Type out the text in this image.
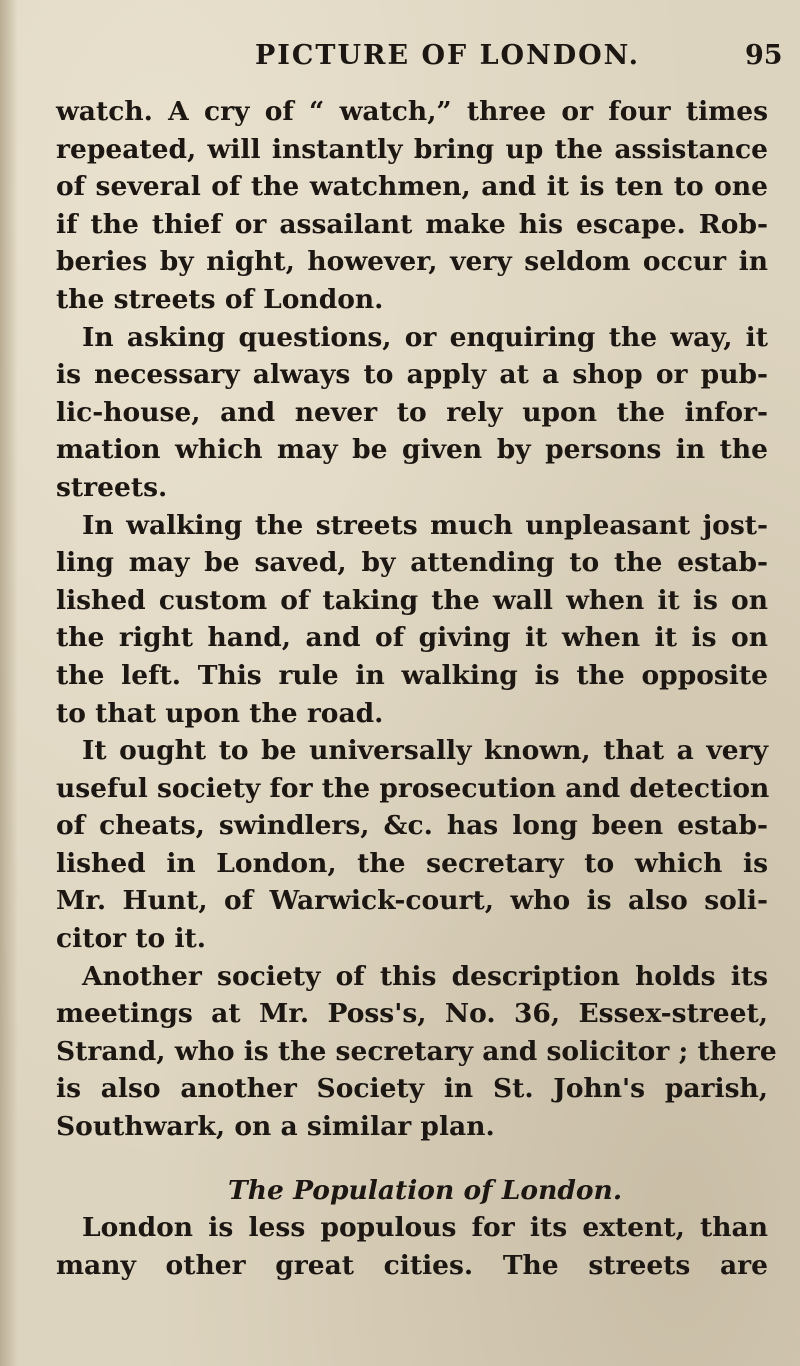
PICTURE OF LONDON.	95
watch. A cry of “ watch,” three or four times
repeated, will instantly bring up the assistance
of several of the watchmen, and it is ten to one
if the thief or assailant make his escape. Rob-
beries by night, however, very seldom occur in
the streets of London.
In asking questions, or enquiring the way, it
is necessary always to apply at a shop or pub-
lic-house, and never to rely upon the infor-
mation which may be given by persons in the
streets.
In walking the streets much unpleasant jost-
ling may be saved, by attending to the estab-
lished custom of taking the wall when it is on
the right hand, and of giving it when it is on
the left. This rule in walking is the opposite
to that upon the road.
It ought to be universally known, that a very
useful society for the prosecution and detection
of cheats, swindlers, &c. has long been estab-
lished in London, the secretary to which is
Mr. Hunt, of Warwick-court, who is also soli-
citor to it.
Another society of this description holds its
meetings at Mr. Poss's, No. 36, Essex-street,
Strand, who is the secretary and solicitor ; there
is also another Society in St. John's parish,
Southwark, on a similar plan.
The Population of London.
London is less populous for its extent, than
many other great cities. The streets are
